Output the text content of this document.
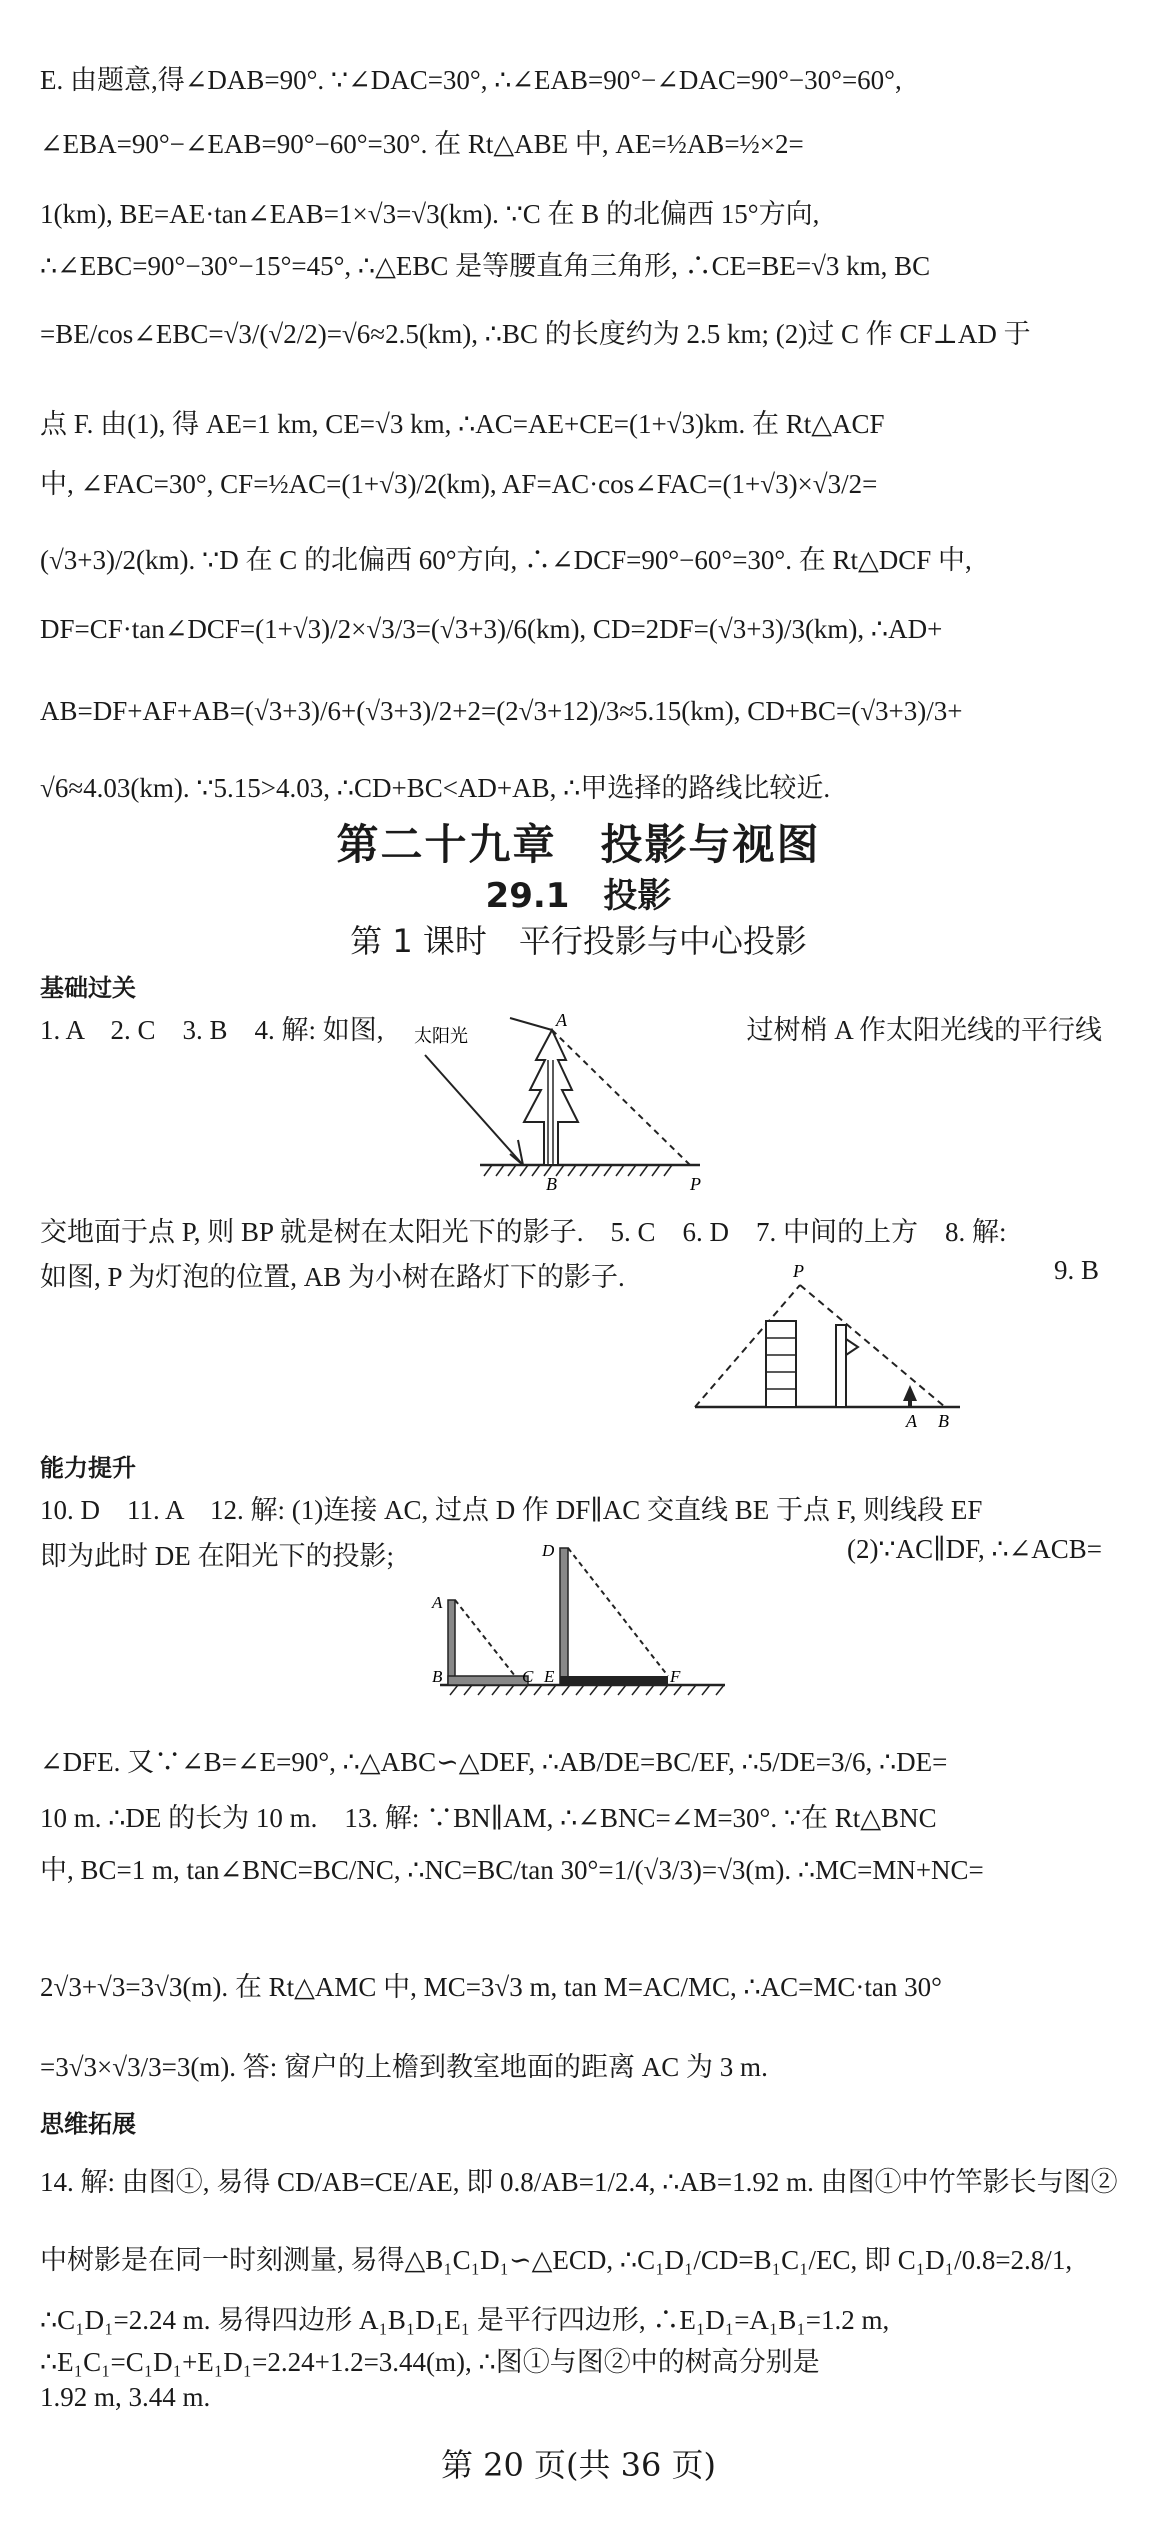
E. 由题意,得∠DAB=90°. ∵∠DAC=30°, ∴∠EAB=90°−∠DAC=90°−30°=60°,
∠EBA=90°−∠EAB=90°−60°=30°. 在 Rt△ABE 中, AE=½AB=½×2=
1(km), BE=AE·tan∠EAB=1×√3=√3(km). ∵C 在 B 的北偏西 15°方向,
∴∠EBC=90°−30°−15°=45°, ∴△EBC 是等腰直角三角形, ∴CE=BE=√3 km, BC
=BE/cos∠EBC=√3/(√2/2)=√6≈2.5(km), ∴BC 的长度约为 2.5 km; (2)过 C 作 CF⊥AD 于
点 F. 由(1), 得 AE=1 km, CE=√3 km, ∴AC=AE+CE=(1+√3)km. 在 Rt△ACF
中, ∠FAC=30°, CF=½AC=(1+√3)/2(km), AF=AC·cos∠FAC=(1+√3)×√3/2=
(√3+3)/2(km). ∵D 在 C 的北偏西 60°方向, ∴∠DCF=90°−60°=30°. 在 Rt△DCF 中,
DF=CF·tan∠DCF=(1+√3)/2×√3/3=(√3+3)/6(km), CD=2DF=(√3+3)/3(km), ∴AD+
AB=DF+AF+AB=(√3+3)/6+(√3+3)/2+2=(2√3+12)/3≈5.15(km), CD+BC=(√3+3)/3+
√6≈4.03(km). ∵5.15>4.03, ∴CD+BC<AD+AB, ∴甲选择的路线比较近.
第二十九章　投影与视图
29.1　投影
第 1 课时　平行投影与中心投影
基础过关
1. A　2. C　3. B　4. 解: 如图,	过树梢 A 作太阳光线的平行线
太阳光
A
B	P
交地面于点 P, 则 BP 就是树在太阳光下的影子.　5. C　6. D　7. 中间的上方　8. 解:
如图, P 为灯泡的位置, AB 为小树在路灯下的影子.	9. B
P
A B
能力提升
10. D　11. A　12. 解: (1)连接 AC, 过点 D 作 DF∥AC 交直线 BE 于点 F, 则线段 EF
即为此时 DE 在阳光下的投影;	(2)∵AC∥DF, ∴∠ACB=
A
B	C
D
E	F
∠DFE. 又∵∠B=∠E=90°, ∴△ABC∽△DEF, ∴AB/DE=BC/EF, ∴5/DE=3/6, ∴DE=
10 m. ∴DE 的长为 10 m.　13. 解: ∵BN∥AM, ∴∠BNC=∠M=30°. ∵在 Rt△BNC
中, BC=1 m, tan∠BNC=BC/NC, ∴NC=BC/tan 30°=1/(√3/3)=√3(m). ∴MC=MN+NC=
2√3+√3=3√3(m). 在 Rt△AMC 中, MC=3√3 m, tan M=AC/MC, ∴AC=MC·tan 30°
=3√3×√3/3=3(m). 答: 窗户的上檐到教室地面的距离 AC 为 3 m.
思维拓展
14. 解: 由图①, 易得 CD/AB=CE/AE, 即 0.8/AB=1/2.4, ∴AB=1.92 m. 由图①中竹竿影长与图②
中树影是在同一时刻测量, 易得△B₁C₁D₁∽△ECD, ∴C₁D₁/CD=B₁C₁/EC, 即 C₁D₁/0.8=2.8/1,
∴C₁D₁=2.24 m. 易得四边形 A₁B₁D₁E₁ 是平行四边形, ∴E₁D₁=A₁B₁=1.2 m,
∴E₁C₁=C₁D₁+E₁D₁=2.24+1.2=3.44(m), ∴图①与图②中的树高分别是
1.92 m, 3.44 m.
第 20 页(共 36 页)
